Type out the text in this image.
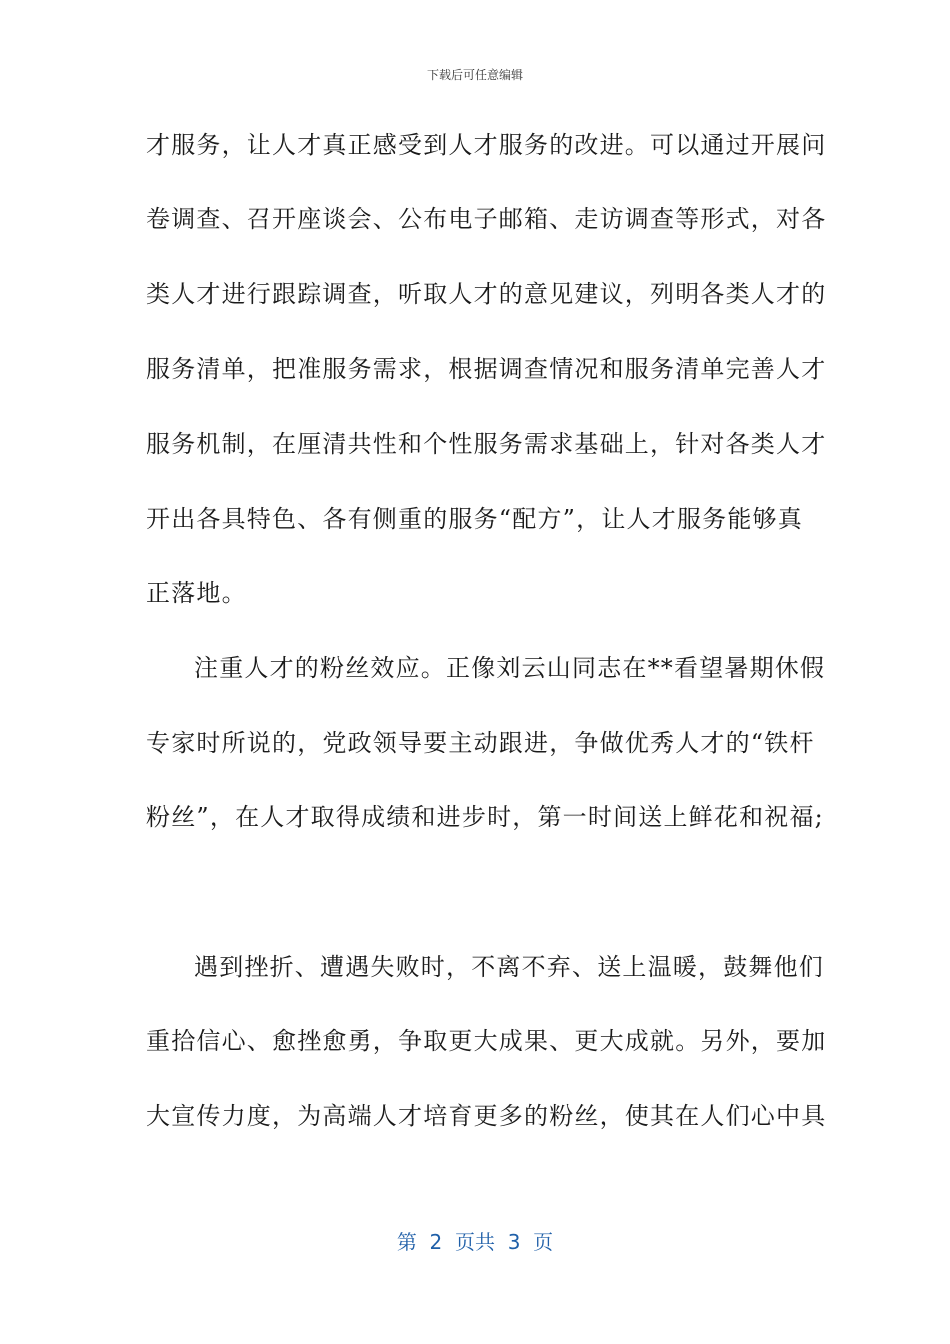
下载后可任意编辑
才服务，让人才真正感受到人才服务的改进。可以通过开展问
卷调查、召开座谈会、公布电子邮箱、走访调查等形式，对各
类人才进行跟踪调查，听取人才的意见建议，列明各类人才的
服务清单，把准服务需求，根据调查情况和服务清单完善人才
服务机制，在厘清共性和个性服务需求基础上，针对各类人才
开出各具特色、各有侧重的服务“配方”，让人才服务能够真
正落地。
注重人才的粉丝效应。正像刘云山同志在**看望暑期休假
专家时所说的，党政领导要主动跟进，争做优秀人才的“铁杆
粉丝”，在人才取得成绩和进步时，第一时间送上鲜花和祝福;
遇到挫折、遭遇失败时，不离不弃、送上温暖，鼓舞他们
重拾信心、愈挫愈勇，争取更大成果、更大成就。另外，要加
大宣传力度，为高端人才培育更多的粉丝，使其在人们心中具
第  2  页共  3  页
